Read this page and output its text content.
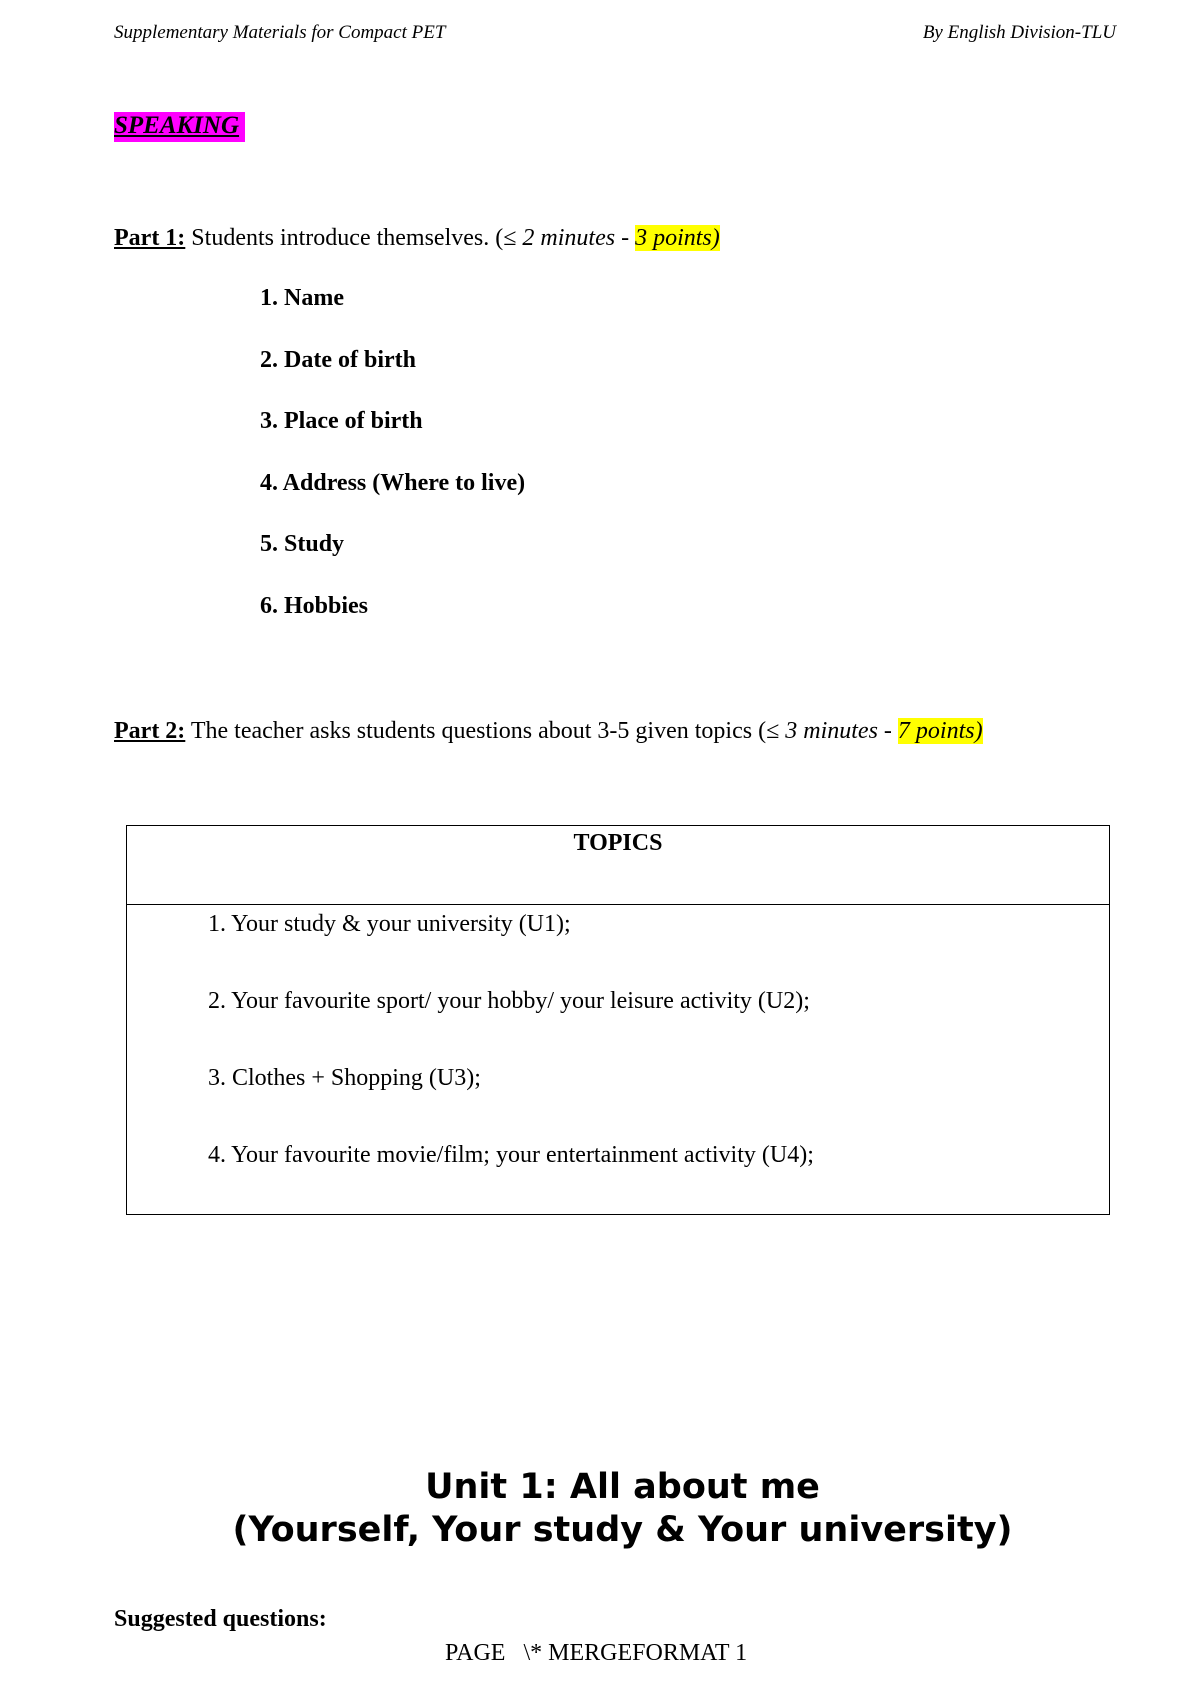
Supplementary Materials for Compact PET	By English Division-TLU
SPEAKING
Part 1: Students introduce themselves. (≤ 2 minutes - 3 points)
1. Name
2. Date of birth
3. Place of birth
4. Address (Where to live)
5. Study
6. Hobbies
Part 2: The teacher asks students questions about 3-5 given topics (≤ 3 minutes - 7 points)
TOPICS
1. Your study & your university (U1);
2. Your favourite sport/ your hobby/ your leisure activity (U2);
3. Clothes + Shopping (U3);
4. Your favourite movie/film; your entertainment activity (U4);
Unit 1: All about me
(Yourself, Your study & Your university)
Suggested questions:
PAGE   \* MERGEFORMAT 1
